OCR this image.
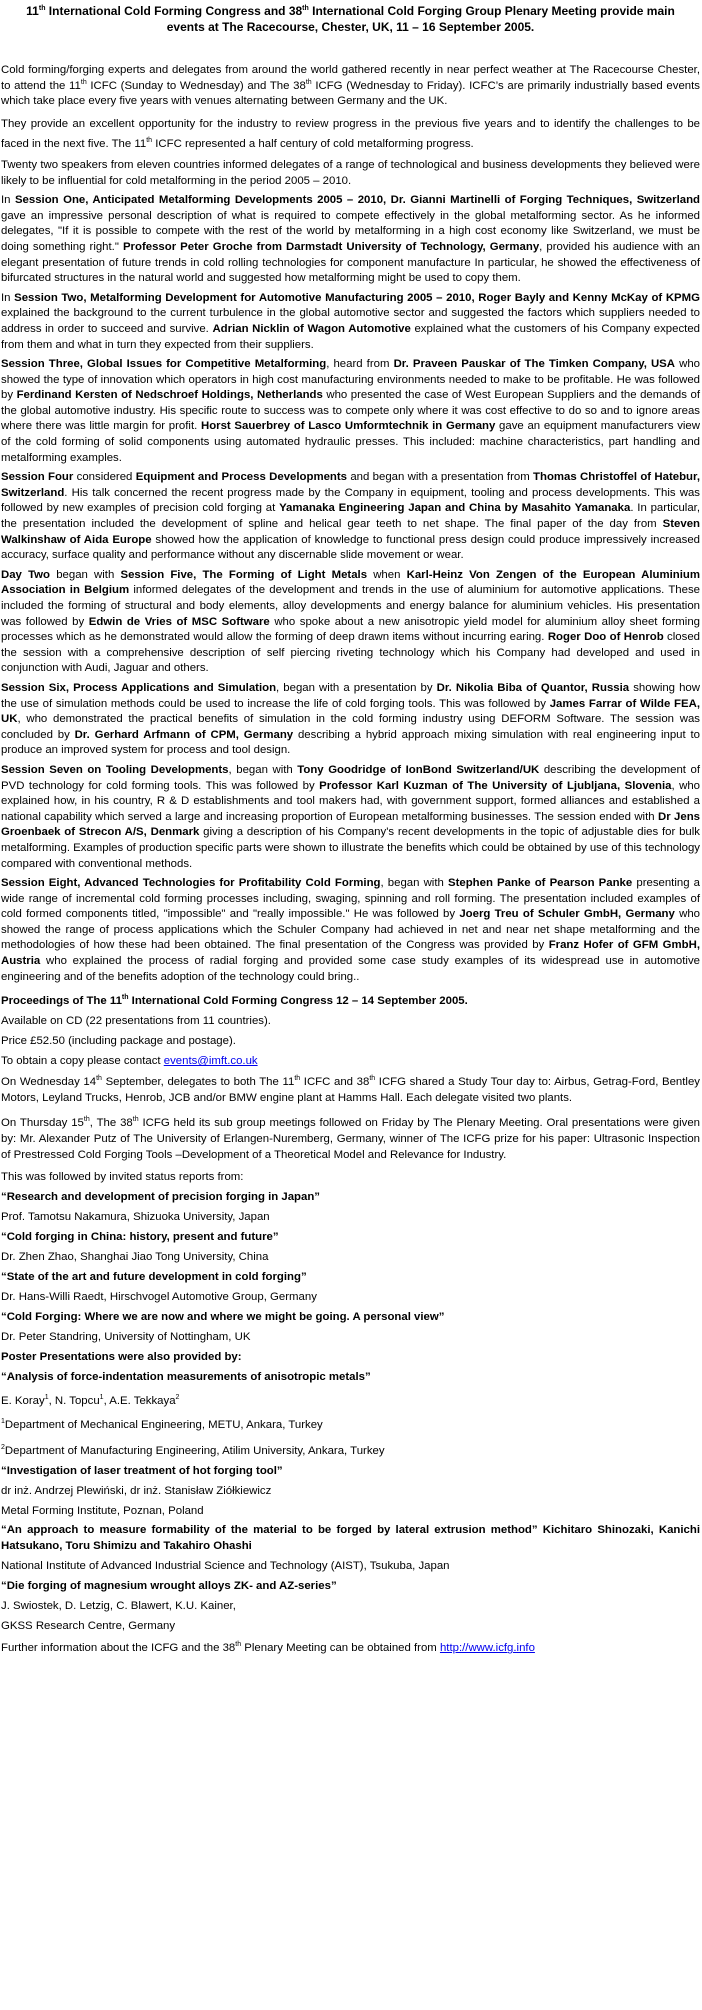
11th International Cold Forming Congress and 38th International Cold Forging Group Plenary Meeting provide main events at The Racecourse, Chester, UK, 11 – 16 September 2005.

Cold forming/forging experts and delegates from around the world gathered recently in near perfect weather at The Racecourse Chester, to attend the 11th ICFC (Sunday to Wednesday) and The 38th ICFG (Wednesday to Friday). ICFC’s are primarily industrially based events which take place every five years with venues alternating between Germany and the UK.

They provide an excellent opportunity for the industry to review progress in the previous five years and to identify the challenges to be faced in the next five. The 11th ICFC represented a half century of cold metalforming progress.

Twenty two speakers from eleven countries informed delegates of a range of technological and business developments they believed were likely to be influential for cold metalforming in the period 2005 – 2010.

In Session One, Anticipated Metalforming Developments 2005 – 2010, Dr. Gianni Martinelli of Forging Techniques, Switzerland gave an impressive personal description of what is required to compete effectively in the global metalforming sector. As he informed delegates, "If it is possible to compete with the rest of the world by metalforming in a high cost economy like Switzerland, we must be doing something right." Professor Peter Groche from Darmstadt University of Technology, Germany, provided his audience with an elegant presentation of future trends in cold rolling technologies for component manufacture In particular, he showed the effectiveness of bifurcated structures in the natural world and suggested how metalforming might be used to copy them.

In Session Two, Metalforming Development for Automotive Manufacturing 2005 – 2010, Roger Bayly and Kenny McKay of KPMG explained the background to the current turbulence in the global automotive sector and suggested the factors which suppliers needed to address in order to succeed and survive. Adrian Nicklin of Wagon Automotive explained what the customers of his Company expected from them and what in turn they expected from their suppliers.

Session Three, Global Issues for Competitive Metalforming, heard from Dr. Praveen Pauskar of The Timken Company, USA who showed the type of innovation which operators in high cost manufacturing environments needed to make to be profitable. He was followed by Ferdinand Kersten of Nedschroef Holdings, Netherlands who presented the case of West European Suppliers and the demands of the global automotive industry. His specific route to success was to compete only where it was cost effective to do so and to ignore areas where there was little margin for profit. Horst Sauerbrey of Lasco Umformtechnik in Germany gave an equipment manufacturers view of the cold forming of solid components using automated hydraulic presses. This included: machine characteristics, part handling and metalforming examples.

Session Four considered Equipment and Process Developments and began with a presentation from Thomas Christoffel of Hatebur, Switzerland. His talk concerned the recent progress made by the Company in equipment, tooling and process developments. This was followed by new examples of precision cold forging at Yamanaka Engineering Japan and China by Masahito Yamanaka. In particular, the presentation included the development of spline and helical gear teeth to net shape. The final paper of the day from Steven Walkinshaw of Aida Europe showed how the application of knowledge to functional press design could produce impressively increased accuracy, surface quality and performance without any discernable slide movement or wear.

Day Two began with Session Five, The Forming of Light Metals when Karl-Heinz Von Zengen of the European Aluminium Association in Belgium informed delegates of the development and trends in the use of aluminium for automotive applications. These included the forming of structural and body elements, alloy developments and energy balance for aluminium vehicles. His presentation was followed by Edwin de Vries of MSC Software who spoke about a new anisotropic yield model for aluminium alloy sheet forming processes which as he demonstrated would allow the forming of deep drawn items without incurring earing. Roger Doo of Henrob closed the session with a comprehensive description of self piercing riveting technology which his Company had developed and used in conjunction with Audi, Jaguar and others.

Session Six, Process Applications and Simulation, began with a presentation by Dr. Nikolia Biba of Quantor, Russia showing how the use of simulation methods could be used to increase the life of cold forging tools. This was followed by James Farrar of Wilde FEA, UK, who demonstrated the practical benefits of simulation in the cold forming industry using DEFORM Software. The session was concluded by Dr. Gerhard Arfmann of CPM, Germany describing a hybrid approach mixing simulation with real engineering input to produce an improved system for process and tool design.

Session Seven on Tooling Developments, began with Tony Goodridge of IonBond Switzerland/UK describing the development of PVD technology for cold forming tools. This was followed by Professor Karl Kuzman of The University of Ljubljana, Slovenia, who explained how, in his country, R & D establishments and tool makers had, with government support, formed alliances and established a national capability which served a large and increasing proportion of European metalforming businesses. The session ended with Dr Jens Groenbaek of Strecon A/S, Denmark giving a description of his Company's recent developments in the topic of adjustable dies for bulk metalforming. Examples of production specific parts were shown to illustrate the benefits which could be obtained by use of this technology compared with conventional methods.

Session Eight, Advanced Technologies for Profitability Cold Forming, began with Stephen Panke of Pearson Panke presenting a wide range of incremental cold forming processes including, swaging, spinning and roll forming. The presentation included examples of cold formed components titled, "impossible" and "really impossible." He was followed by Joerg Treu of Schuler GmbH, Germany who showed the range of process applications which the Schuler Company had achieved in net and near net shape metalforming and the methodologies of how these had been obtained. The final presentation of the Congress was provided by Franz Hofer of GFM GmbH, Austria who explained the process of radial forging and provided some case study examples of its widespread use in automotive engineering and of the benefits adoption of the technology could bring..

Proceedings of The 11th International Cold Forming Congress 12 – 14 September 2005.

Available on CD (22 presentations from 11 countries).

Price £52.50 (including package and postage).

To obtain a copy please contact events@imft.co.uk

On Wednesday 14th September, delegates to both The 11th ICFC and 38th ICFG shared a Study Tour day to: Airbus, Getrag-Ford, Bentley Motors, Leyland Trucks, Henrob, JCB and/or BMW engine plant at Hamms Hall. Each delegate visited two plants.

On Thursday 15th, The 38th ICFG held its sub group meetings followed on Friday by The Plenary Meeting. Oral presentations were given by: Mr. Alexander Putz of The University of Erlangen-Nuremberg, Germany, winner of The ICFG prize for his paper: Ultrasonic Inspection of Prestressed Cold Forging Tools –Development of a Theoretical Model and Relevance for Industry.

This was followed by invited status reports from:

“Research and development of precision forging in Japan”

Prof. Tamotsu Nakamura, Shizuoka University, Japan

“Cold forging in China: history, present and future”

Dr. Zhen Zhao, Shanghai Jiao Tong University, China

“State of the art and future development in cold forging”

Dr. Hans-Willi Raedt, Hirschvogel Automotive Group, Germany

“Cold Forging: Where we are now and where we might be going. A personal view”

Dr. Peter Standring, University of Nottingham, UK

Poster Presentations were also provided by:

“Analysis of force-indentation measurements of anisotropic metals”

E. Koray$^1$, N. Topcu$^1$, A.E. Tekkaya$^2$

$^1$Department of Mechanical Engineering, METU, Ankara, Turkey

$^2$Department of Manufacturing Engineering, Atilim University, Ankara, Turkey

“Investigation of laser treatment of hot forging tool”

dr inż. Andrzej Plewiński, dr inż. Stanisław Ziółkiewicz

Metal Forming Institute, Poznan, Poland

“An approach to measure formability of the material to be forged by lateral extrusion method” Kichitaro Shinozaki, Kanichi Hatsukano, Toru Shimizu and Takahiro Ohashi

National Institute of Advanced Industrial Science and Technology (AIST), Tsukuba, Japan

“Die forging of magnesium wrought alloys ZK- and AZ-series”

J. Swiostek, D. Letzig, C. Blawert, K.U. Kainer,

GKSS Research Centre, Germany

Further information about the ICFG and the 38th Plenary Meeting can be obtained from http://www.icfg.info
